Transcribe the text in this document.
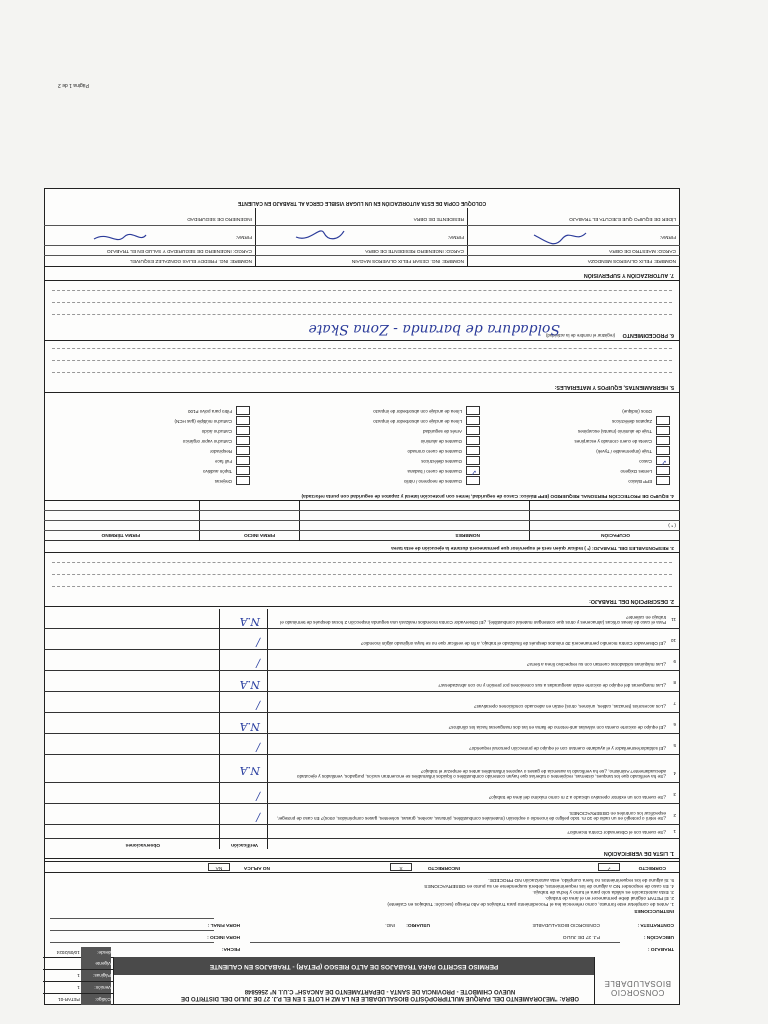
Página 1 de 2
CONSORCIO BIOSALUDABLE
OBRA: "MEJORAMIENTO DEL PARQUE MULTIPROPÓSITO BIOSALUDABLE EN LA MZ H LOTE 1 EN EL P.J. 27 DE JULIO DEL DISTRITO DE NUEVO CHIMBOTE - PROVINCIA DE SANTA - DEPARTAMENTO DE ANCASH" C.U.I. N° 2565848
PERMISO ESCRITO PARA TRABAJOS DE ALTO RIESGO (PETAR) - TRABAJOS EN CALIENTE
Código: PETAR-01
Versión: 1
Páginas: 1
Vigente desde: 10/05/2024
TRABAJO :
FECHA:
UBICACIÓN :
P.J. 27 DE JULIO
HORA INICIO :
CONTRATISTA :
CONSORCIO BIOSALUDABLE
USUARIO:
ING.
HORA FINAL :
INSTRUCCIONES
1. Antes de completar este formato, como referencia lea el Procedimiento para Trabajos de Alto Riesgo (sección: Trabajos en Caliente)
2. El PETAR original debe permanecer en el área de trabajo.
3. Esta autorización es válida solo para el turno y fecha de trabajo.
4. En caso de responder NO a alguno de los requerimientos, deberá suspenderse en su punto en OBSERVACIONES
5. Si alguno de los requerimientos no fuera cumplido, esta autorización NO PROCEDE.
CORRECTO
✓
INCORRECTO
X
NO APLICA
NA
1. LISTA DE VERIFICACIÓN
Verificación
Observaciones
1
¿Se cuenta con el Observador Contra Incendio?
2
¿Se retiró o protegió en un radio de 10 m. todo peligro de incendio o explosión (materiales combustibles, pinturas, aceites, grasas, solventes, gases comprimidos, otros)? En caso de proteger, especificar los controles en OBSERVACIONES.
/
3
¿Se cuenta con un extintor operativo ubicado a 2 m como máximo del área de trabajo?
/
4
¿Se ha verificado que los tanques, cisternas, recipientes o tuberías que hayan contenido combustibles o líquidos inflamables se encuentran vacíos, purgados, ventilados y ejecutado adecuadamente? Asimismo, ¿se ha verificado la ausencia de gases o vapores inflamables antes de empezar el trabajo?
N.A
5
¿El soldador/esmerilador y el ayudante cuentan con el equipo de protección personal requerido?
/
6
¿El equipo de oxicorte cuenta con válvulas anti-retorno de llama en las dos mangueras hacia los cilindros?
N.A
7
¿Los accesorios (tenazas, cables, uniones, otros) están en adecuado condiciones operativas?
/
8
¿Las mangueras del equipo de oxicorte están aseguradas a sus conexiones por presión y no con abrazaderas?
N.A
9
¿Las máquinas soldadoras cuentan con su respectivo línea a tierra?
/
10
¿El Observador Contra Incendio permanecerá 30 minutos después de finalizado el trabajo, a fin de verificar que no se haya originado algún incendio?
/
11
Para el caso de áreas críticas (almacenes y otros que contengan material combustible), ¿El Observador Contra Incendios realizará una segunda inspección 2 horas después de terminado el trabajo en caliente?
N.A
2. DESCRIPCIÓN DEL TRABAJO:
3. RESPONSABLES DEL TRABAJO: (* ) Indicar quien será el supervisor que permanecerá durante la ejecución de esta tarea
OCUPACIÓN
NOMBRES
FIRMA INICIO
FIRMA TÉRMINO
( * )
4. EQUIPO DE PROTECCIÓN PERSONAL REQUERIDO (EPP Básico: Casco de seguridad, lentes con protección lateral y zapatos de seguridad con punta reforzada)
EPP Básico
Lentes Oxigeno
✓
Casco
Traje (impermeable / Tyvek)
Careta de cuero cromado y escarpines
Traje de aluminio (manta) escarpines
Zapatos dieléctricos
Otros (indique)
Guantes de neopreno / nitrilo
✓
Guantes de cuero / badana
Guantes dieléctricos
Guantes de cuero cromado
Guantes de aluminio
Arnés de seguridad
Línea de anclaje con absorbedor de impacto
Línea de anclaje con absorbedor de impacto
Orejeras
Tapón auditivo
Full face
Respirador
Cartucho vapor orgánico
Cartucho ácido
Cartucho múltiple (gas HCN)
Filtro para polvo P100
5. HERRAMIENTAS, EQUIPOS Y MATERIALES:
6. PROCEDIMIENTO (registrar el nombre de la actividad)
Soldadura de baranda - Zona Skate
7. AUTORIZACIÓN Y SUPERVISIÓN
NOMBRE: FELIX OLIVEROS MENDOZA
CARGO: MAESTRO DE OBRA
FIRMA:
LÍDER DE EQUIPO QUE EJECUTA EL TRABAJO
NOMBRE: ING. CESAR FELIX OLIVEROS MAGAIN
CARGO: INGENIERO RESIDENTE DE OBRA
FIRMA:
RESIDENTE DE OBRA
NOMBRE: ING. FREDDY ELIAS GONZALEZ ESQUIVEL
CARGO: INGENIERO DE SEGURIDAD Y SALUD EN EL TRABAJO
FIRMA:
INGENIERO DE SEGURIDAD
COLOQUE COPIA DE ESTA AUTORIZACIÓN EN UN LUGAR VISIBLE CERCA AL TRABAJO EN CALIENTE
